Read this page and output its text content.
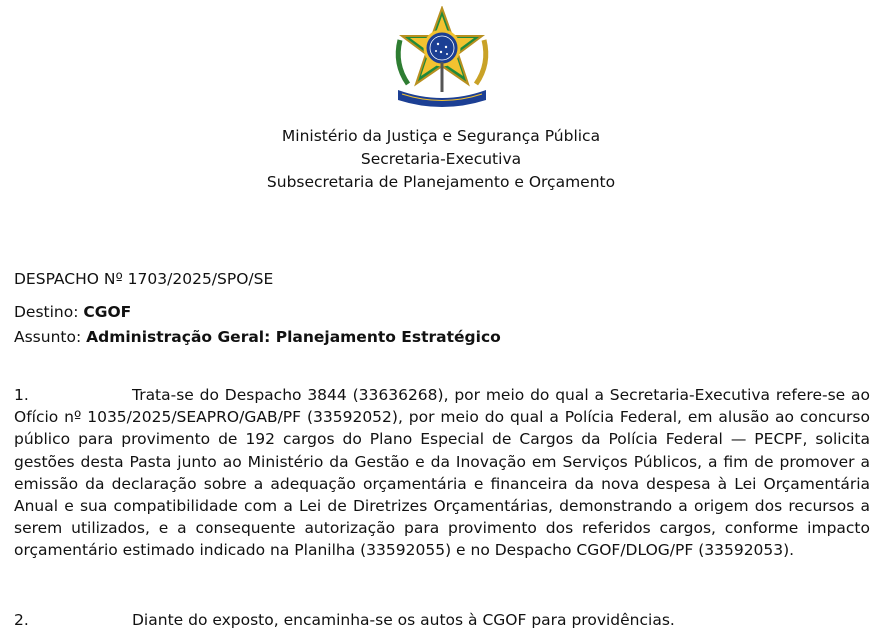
Ministério da Justiça e Segurança Pública
Secretaria-Executiva
Subsecretaria de Planejamento e Orçamento
DESPACHO Nº 1703/2025/SPO/SE
Destino: CGOF
Assunto: Administração Geral: Planejamento Estratégico
1.	Trata-se do Despacho 3844 (33636268), por meio do qual a Secretaria-Executiva refere-se ao Ofício nº 1035/2025/SEAPRO/GAB/PF (33592052), por meio do qual a Polícia Federal, em alusão ao concurso público para provimento de 192 cargos do Plano Especial de Cargos da Polícia Federal — PECPF, solicita gestões desta Pasta junto ao Ministério da Gestão e da Inovação em Serviços Públicos, a fim de promover a emissão da declaração sobre a adequação orçamentária e financeira da nova despesa à Lei Orçamentária Anual e sua compatibilidade com a Lei de Diretrizes Orçamentárias, demonstrando a origem dos recursos a serem utilizados, e a consequente autorização para provimento dos referidos cargos, conforme impacto orçamentário estimado indicado na Planilha (33592055) e no Despacho CGOF/DLOG/PF (33592053).
2.	Diante do exposto, encaminha-se os autos à CGOF para providências.
